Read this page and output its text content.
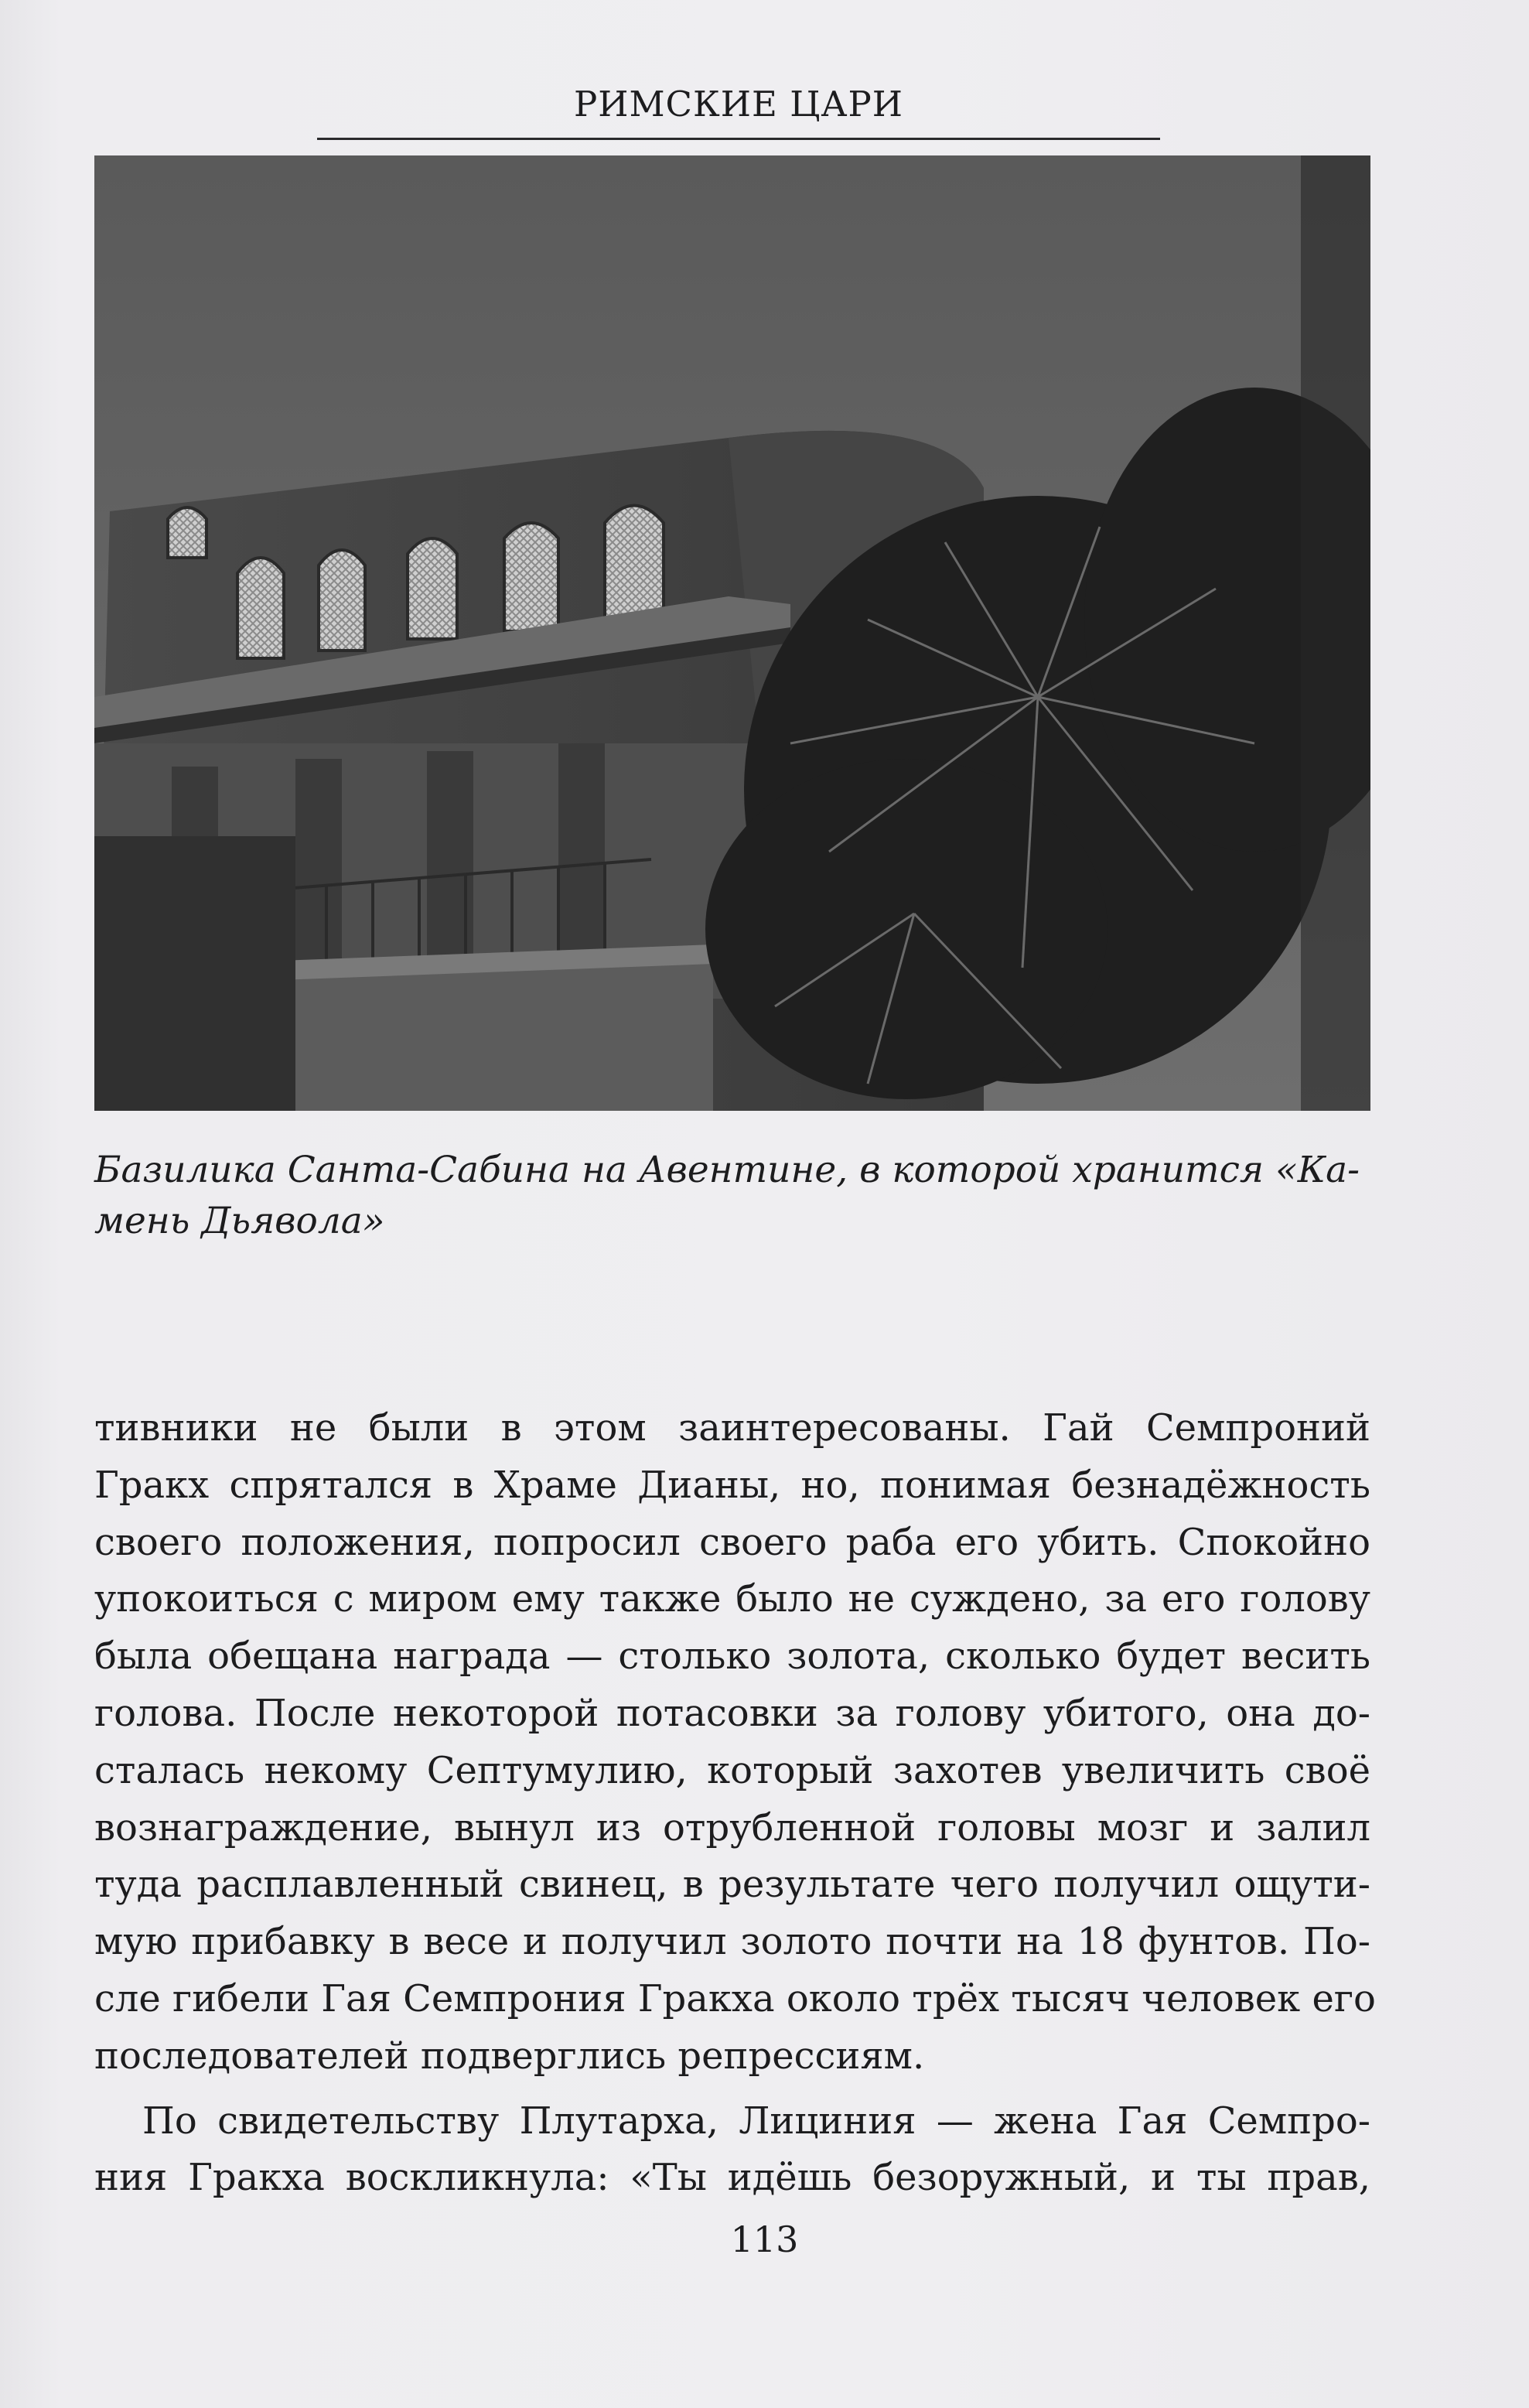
РИМСКИЕ ЦАРИ
Базилика Санта-Сабина на Авентине, в которой хранится «Ка-
мень Дьявола»
тивники не были в этом заинтересованы. Гай Семпроний
Гракх спрятался в Храме Дианы, но, понимая безнадёжность
своего положения, попросил своего раба его убить. Спокойно
упокоиться с миром ему также было не суждено, за его голову
была обещана награда — столько золота, сколько будет весить
голова. После некоторой потасовки за голову убитого, она до-
сталась некому Септумулию, который захотев увеличить своё
вознаграждение, вынул из отрубленной головы мозг и залил
туда расплавленный свинец, в результате чего получил ощути-
мую прибавку в весе и получил золото почти на 18 фунтов. По-
сле гибели Гая Семпрония Гракха около трёх тысяч человек его
последователей подверглись репрессиям.
По свидетельству Плутарха, Лициния — жена Гая Семпро-
ния Гракха воскликнула: «Ты идёшь безоружный, и ты прав,
113
